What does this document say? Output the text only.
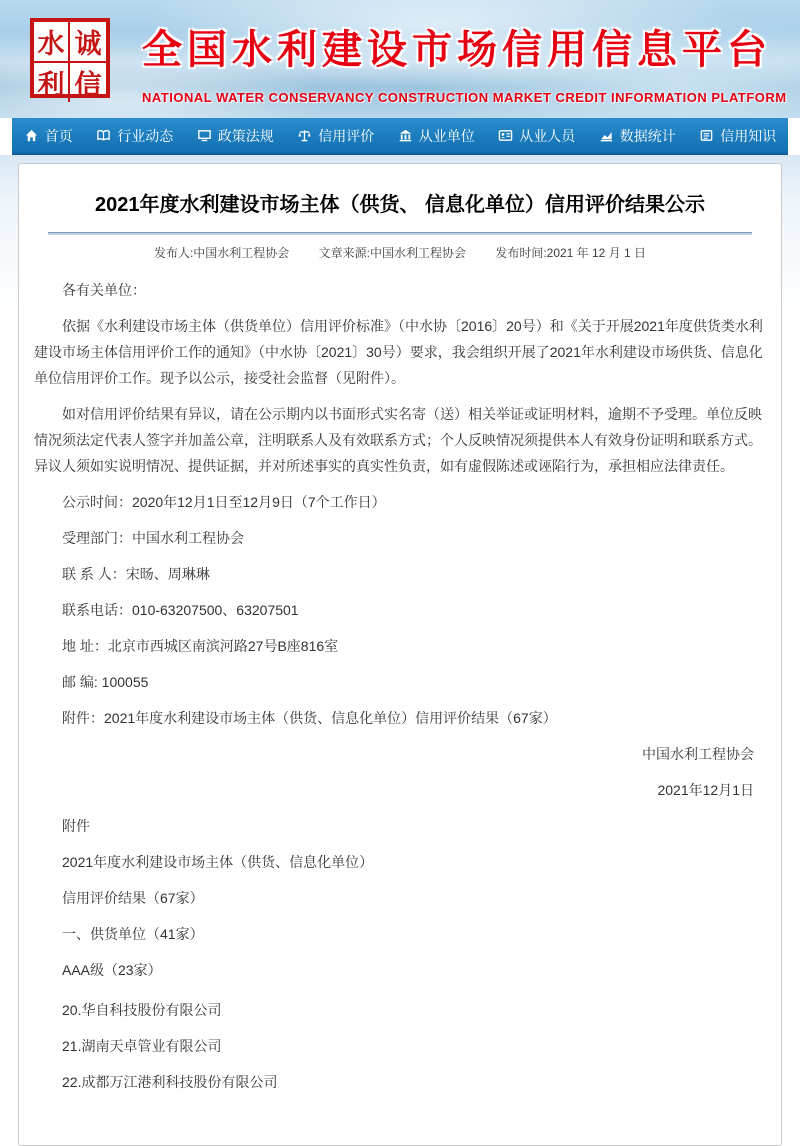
水 诚
利 信
全国水利建设市场信用信息平台
NATIONAL WATER CONSERVANCY CONSTRUCTION MARKET CREDIT INFORMATION PLATFORM
首页	行业动态	政策法规	信用评价	从业单位	从业人员	数据统计	信用知识
2021年度水利建设市场主体（供货、 信息化单位）信用评价结果公示
发布人:中国水利工程协会 文章来源:中国水利工程协会 发布时间:2021 年 12 月 1 日

各有关单位：

依据《水利建设市场主体（供货单位）信用评价标准》（中水协〔2016〕20号）和《关于开展2021年度供货类水利建设市场主体信用评价工作的通知》（中水协〔2021〕30号）要求，我会组织开展了2021年水利建设市场供货、信息化单位信用评价工作。现予以公示，接受社会监督（见附件）。

如对信用评价结果有异议，请在公示期内以书面形式实名寄（送）相关举证或证明材料，逾期不予受理。单位反映情况须法定代表人签字并加盖公章，注明联系人及有效联系方式；个人反映情况须提供本人有效身份证明和联系方式。异议人须如实说明情况、提供证据，并对所述事实的真实性负责，如有虚假陈述或诬陷行为，承担相应法律责任。

公示时间：2020年12月1日至12月9日（7个工作日）

受理部门：中国水利工程协会

联 系 人：宋旸、周琳琳

联系电话：010-63207500、63207501

地 址：北京市西城区南滨河路27号B座816室

邮 编: 100055

附件：2021年度水利建设市场主体（供货、信息化单位）信用评价结果（67家）

中国水利工程协会

2021年12月1日

附件

2021年度水利建设市场主体（供货、信息化单位）

信用评价结果（67家）

一、供货单位（41家）

AAA级（23家）

20.华自科技股份有限公司

21.湖南天卓管业有限公司

22.成都万江港利科技股份有限公司
